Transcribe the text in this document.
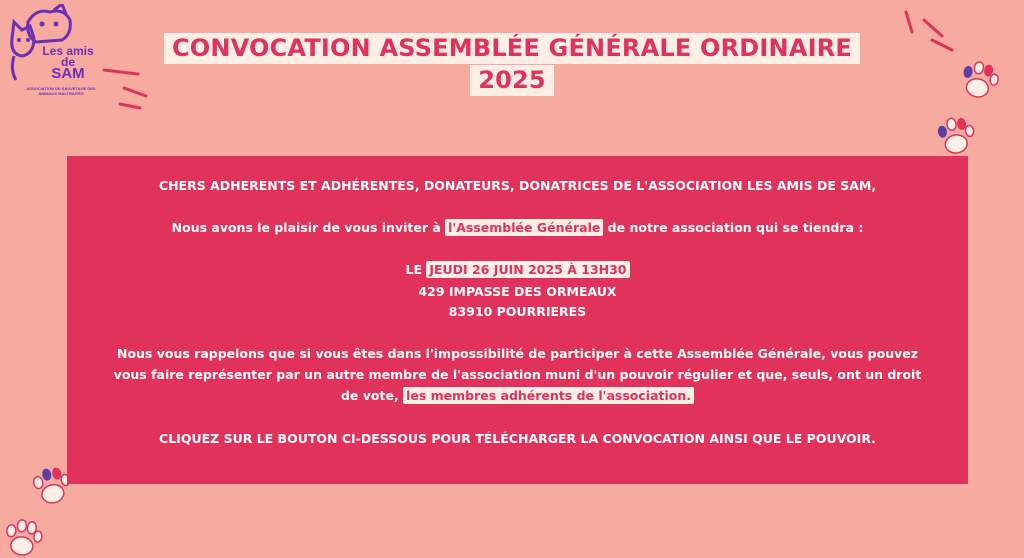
Les amis
de
SAM
ASSOCIATION DE SAUVETAGE DES ANIMAUX MALTRAITÉS
CONVOCATION ASSEMBLÉE GÉNÉRALE ORDINAIRE
2025
CHERS ADHERENTS ET ADHÉRENTES, DONATEURS, DONATRICES DE L'ASSOCIATION LES AMIS DE SAM,
Nous avons le plaisir de vous inviter à l'Assemblée Générale de notre association qui se tiendra :
LE JEUDI 26 JUIN 2025 À 13H30
429 IMPASSE DES ORMEAUX
83910 POURRIERES
Nous vous rappelons que si vous êtes dans l'impossibilité de participer à cette Assemblée Générale, vous pouvez
vous faire représenter par un autre membre de l'association muni d'un pouvoir régulier et que, seuls, ont un droit
de vote, les membres adhérents de l'association.
CLIQUEZ SUR LE BOUTON CI-DESSOUS POUR TÉLÉCHARGER LA CONVOCATION AINSI QUE LE POUVOIR.
